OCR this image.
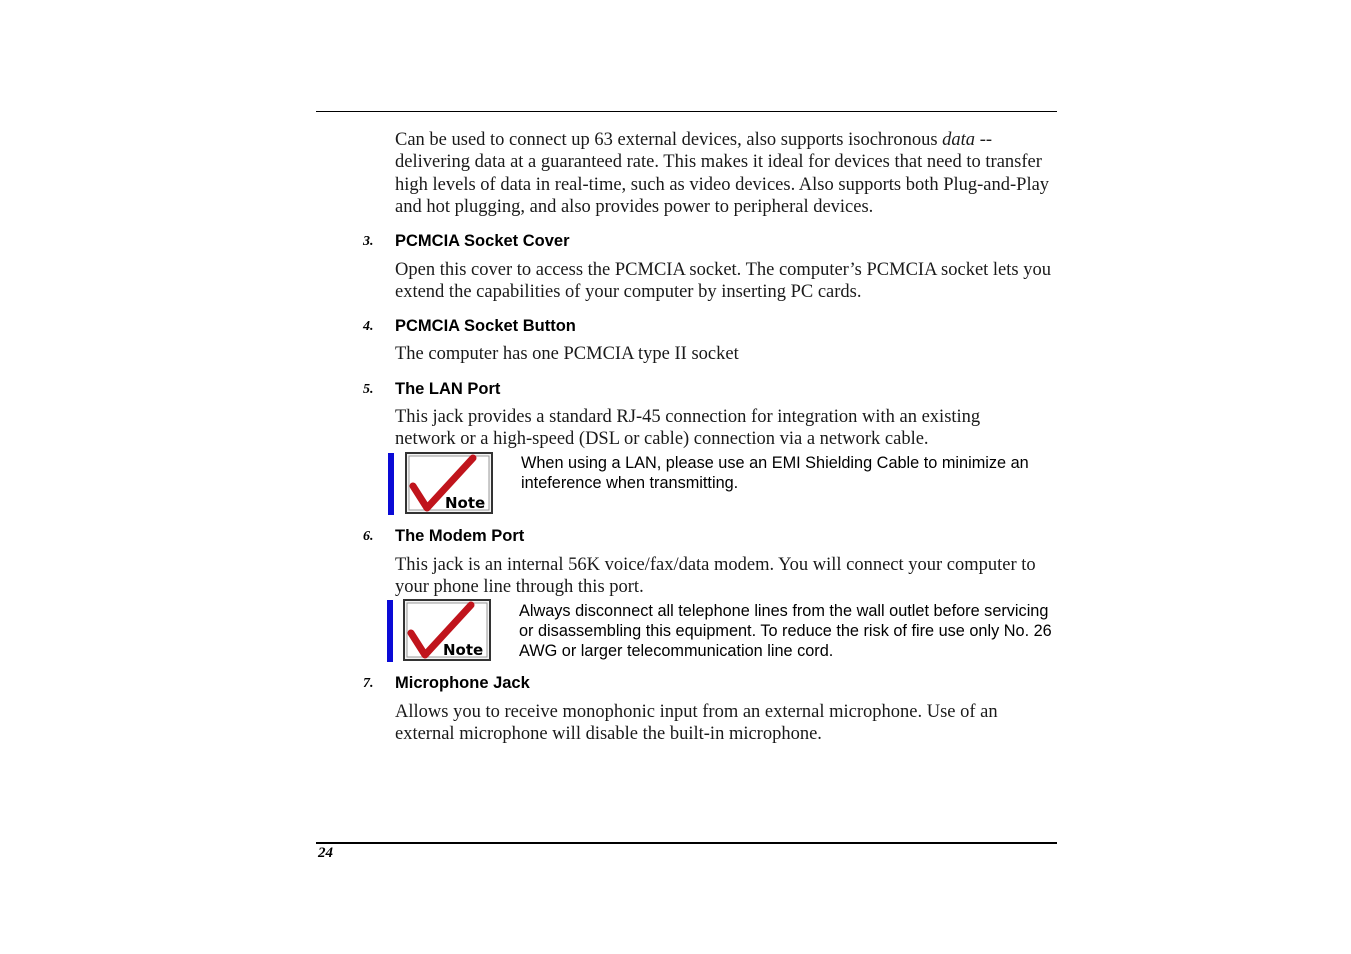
Can be used to connect up 63 external devices, also supports isochronous data -- delivering data at a guaranteed rate. This makes it ideal for devices that need to transfer high levels of data in real-time, such as video devices. Also supports both Plug-and-Play and hot plugging, and also provides power to peripheral devices.
3. PCMCIA Socket Cover
Open this cover to access the PCMCIA socket. The computer’s PCMCIA socket lets you extend the capabilities of your computer by inserting PC cards.
4. PCMCIA Socket Button
The computer has one PCMCIA type II socket
5. The LAN Port
This jack provides a standard RJ-45 connection for integration with an existing network or a high-speed (DSL or cable) connection via a network cable.
Note
When using a LAN, please use an EMI Shielding Cable to minimize an inteference when transmitting.
6. The Modem Port
This jack is an internal 56K voice/fax/data modem. You will connect your computer to your phone line through this port.
Note
Always disconnect all telephone lines from the wall outlet before servicing or disassembling this equipment. To reduce the risk of fire use only No. 26 AWG or larger telecommunication line cord.
7. Microphone Jack
Allows you to receive monophonic input from an external microphone. Use of an external microphone will disable the built-in microphone.
24
